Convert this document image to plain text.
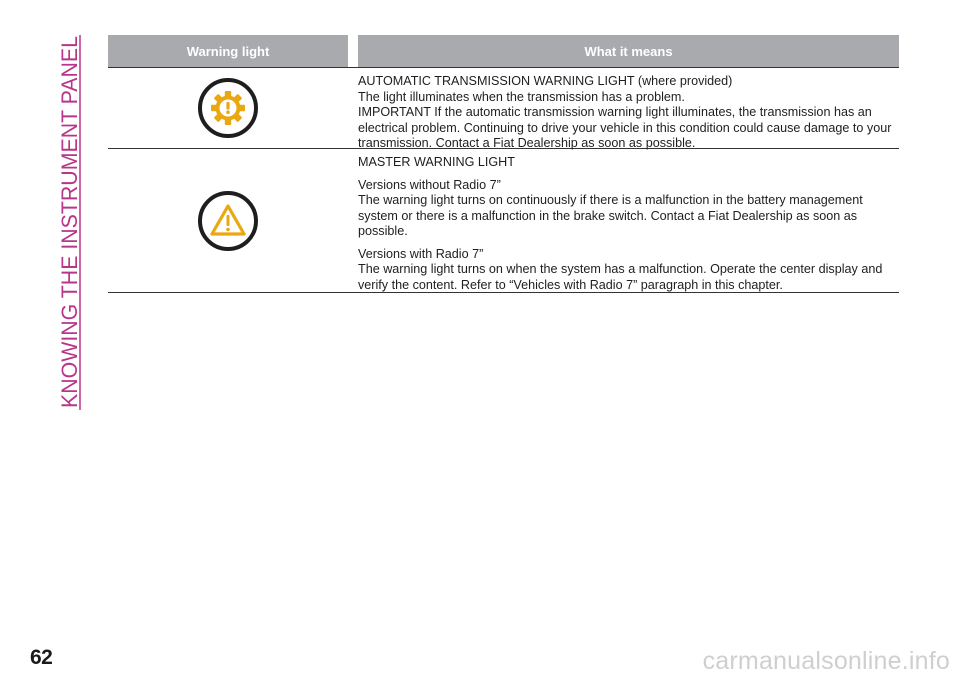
KNOWING THE INSTRUMENT PANEL	Warning light	What it means

AUTOMATIC TRANSMISSION WARNING LIGHT (where provided)

The light illuminates when the transmission has a problem.

IMPORTANT If the automatic transmission warning light illuminates, the transmission has an electrical problem. Continuing to drive your vehicle in this condition could cause damage to your transmission. Contact a Fiat Dealership as soon as possible.

MASTER WARNING LIGHT

Versions without Radio 7”

The warning light turns on continuously if there is a malfunction in the battery management system or there is a malfunction in the brake switch. Contact a Fiat Dealership as soon as possible.

Versions with Radio 7”

The warning light turns on when the system has a malfunction. Operate the center display and verify the content. Refer to “Vehicles with Radio 7” paragraph in this chapter.

62	carmanualsonline.info
